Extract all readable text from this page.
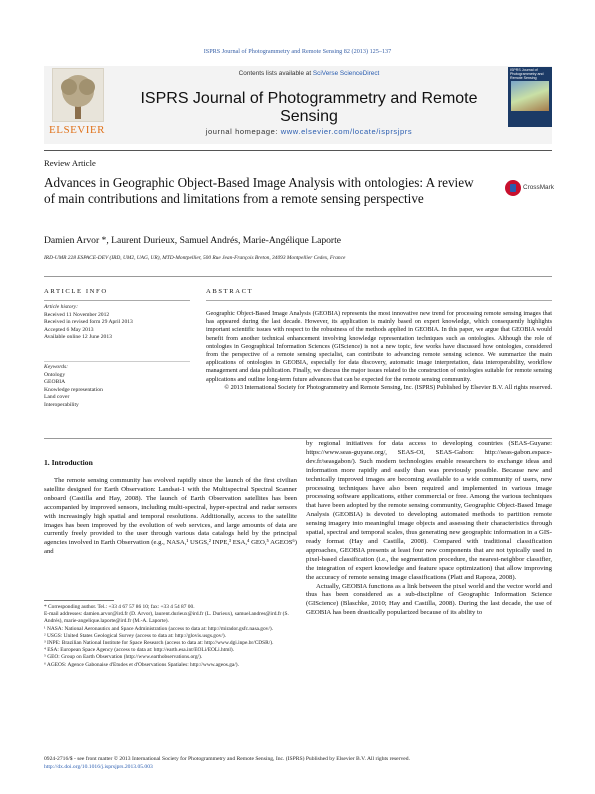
ISPRS Journal of Photogrammetry and Remote Sensing 82 (2013) 125–137
ELSEVIER
Contents lists available at SciVerse ScienceDirect
ISPRS Journal of Photogrammetry and Remote Sensing
journal homepage: www.elsevier.com/locate/isprsjprs
ISPRS Journal of Photogrammetry and Remote Sensing
Review Article
Advances in Geographic Object-Based Image Analysis with ontologies: A review of main contributions and limitations from a remote sensing perspective
CrossMark
Damien Arvor *, Laurent Durieux, Samuel Andrés, Marie-Angélique Laporte
IRD-UMR 228 ESPACE-DEV (IRD, UM2, UAG, UR), MTD-Montpellier, 500 Rue Jean-François Breton, 34093 Montpellier Cedex, France
ARTICLE INFO
Article history:
Received 11 November 2012
Received in revised form 29 April 2013
Accepted 6 May 2013
Available online 12 June 2013
Keywords:
Ontology
GEOBIA
Knowledge representation
Land cover
Interoperability
ABSTRACT
Geographic Object-Based Image Analysis (GEOBIA) represents the most innovative new trend for processing remote sensing images that has appeared during the last decade. However, its application is mainly based on expert knowledge, which consequently highlights important scientific issues with respect to the robustness of the methods applied in GEOBIA. In this paper, we argue that GEOBIA would benefit from another technical enhancement involving knowledge representation techniques such as ontologies. Although the role of ontologies in Geographical Information Sciences (GIScience) is not a new topic, few works have discussed how ontologies, considered from the perspective of a remote sensing specialist, can contribute to advancing remote sensing science. We summarize the main applications of ontologies in GEOBIA, especially for data discovery, automatic image interpretation, data interoperability, workflow management and data publication. Finally, we discuss the major issues related to the construction of ontologies suitable for remote sensing applications and outline long-term future advances that can be expected for the remote sensing community.
© 2013 International Society for Photogrammetry and Remote Sensing, Inc. (ISPRS) Published by Elsevier B.V. All rights reserved.
1. Introduction

The remote sensing community has evolved rapidly since the launch of the first civilian satellite designed for Earth Observation: Landsat-1 with the Multispectral Spectral Scanner onboard (Castilla and Hay, 2008). The launch of Earth Observation satellites has been accompanied by improved sensors, including multi-spectral, hyper-spectral and radar sensors with increasingly high spatial and temporal resolutions. Additionally, access to the satellite images has been improved by the evolution of web services, and large amounts of data are currently freely provided to the user through various data catalogs held by the principal agencies involved in Earth Observation (e.g., NASA,¹ USGS,² INPE,³ ESA,⁴ GEO,⁵ AGEOS⁶) and

by regional initiatives for data access to developing countries (SEAS-Guyane: https://www.seas-guyane.org/, SEAS-OI, SEAS-Gabon: http://seas-gabon.espace-dev.fr/seasgabon/). Such modern technologies enable researchers to exchange ideas and information more rapidly and easily than was previously possible. Because new and technically improved images are becoming available to a wide community of users, new processing techniques have also been required and implemented in various image processing software applications, either commercial or free. Among the various techniques that have been adopted by the remote sensing community, Geographic Object-Based Image Analysis (GEOBIA) is devoted to developing automated methods to partition remote sensing imagery into meaningful image objects and assessing their characteristics through spatial, spectral and temporal scales, thus generating new geographic information in a GIS-ready format (Hay and Castilla, 2008). Compared with traditional classification approaches, GEOBIA presents at least four new components that are not typically used in pixel-based classification (i.e., the segmentation procedure, the nearest-neighbor classifier, the integration of expert knowledge and feature space optimization) that allow improving the accuracy of remote sensing image classifications (Platt and Rapoza, 2008).

Actually, GEOBIA functions as a link between the pixel world and the vector world and thus has been considered as a sub-discipline of Geographic Information Science (GIScience) (Blaschke, 2010; Hay and Castilla, 2008). During the last decade, the use of GEOBIA has been drastically popularized because of its ability to

* Corresponding author. Tel.: +33 4 67 57 86 10; fax: +33 4 54 87 00.
E-mail addresses: damien.arvor@ird.fr (D. Arvor), laurent.durieux@ird.fr (L. Durieux), samuel.andres@ird.fr (S. Andrés), marie-angelique.laporte@ird.fr (M.-A. Laporte).
¹ NASA: National Aeronautics and Space Administration (access to data at: http://mirador.gsfc.nasa.gov/).
² USGS: United States Geological Survey (access to data at: http://glovis.usgs.gov/).
³ INPE: Brazilian National Institute for Space Research (access to data at: http://www.dgi.inpe.br/CDSR/).
⁴ ESA: European Space Agency (access to data at: http://earth.esa.int/EOLi/EOLi.html).
⁵ GEO: Group on Earth Observation (http://www.earthobservations.org/).
⁶ AGEOS: Agence Gabonaise d'Etudes et d'Observations Spatiales: http://www.ageos.ga/).
0924-2716/$ - see front matter © 2013 International Society for Photogrammetry and Remote Sensing, Inc. (ISPRS) Published by Elsevier B.V. All rights reserved.
http://dx.doi.org/10.1016/j.isprsjprs.2013.05.003
